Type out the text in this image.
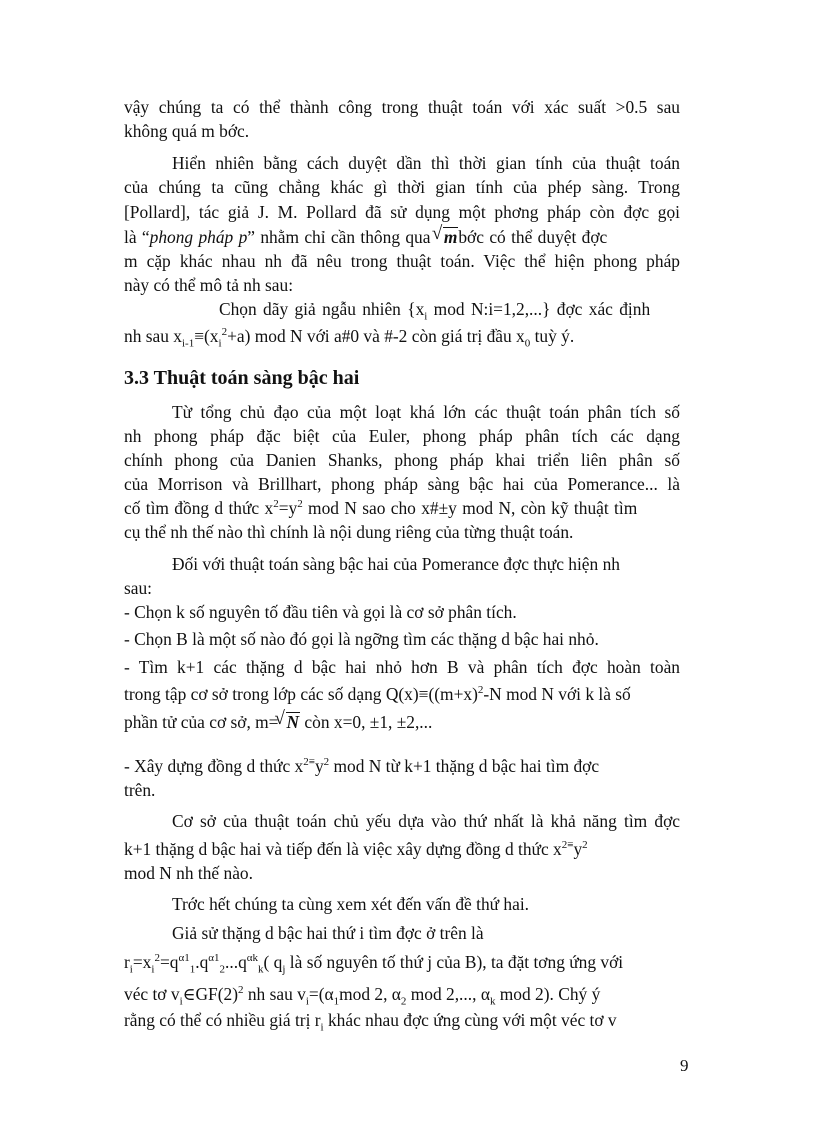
vậy chúng ta có thể thành công trong thuật toán với xác suất >0.5 sau
không quá m bớc.
Hiển nhiên bằng cách duyệt dần thì thời gian tính của thuật toán
của chúng ta cũng chẳng khác gì thời gian tính của phép sàng. Trong
[Pollard], tác giả J. M. Pollard đã sử dụng một phơng pháp còn đợc gọi
là “phong pháp p” nhằm chỉ cần thông qua √ mbớc có thể duyệt đợc
m cặp khác nhau nh đã nêu trong thuật toán. Việc thể hiện phong pháp
này có thể mô tả nh sau:
Chọn dãy giả ngẫu nhiên {$x_i$ mod N:i=1,2,...} đợc xác định
nh sau $x_{i-1}\equiv(x_i^2+a)$ mod N với a#0 và #-2 còn giá trị đầu $x_0$ tuỳ ý.
3.3 Thuật toán sàng bậc hai
Từ tổng chủ đạo của một loạt khá lớn các thuật toán phân tích số
nh phong pháp đặc biệt của Euler, phong pháp phân tích các dạng
chính phong của Danien Shanks, phong pháp khai triển liên phân số
của Morrison và Brillhart, phong pháp sàng bậc hai của Pomerance... là
cố tìm đồng d thức $x^2=y^2$ mod N sao cho x#±y mod N, còn kỹ thuật tìm
cụ thể nh thế nào thì chính là nội dung riêng của từng thuật toán.
Đối với thuật toán sàng bậc hai của Pomerance đợc thực hiện nh
sau:
- Chọn k số nguyên tố đầu tiên và gọi là cơ sở phân tích.
- Chọn B là một số nào đó gọi là ngỡng tìm các thặng d bậc hai nhỏ.
- Tìm k+1 các thặng d bậc hai nhỏ hơn B và phân tích đợc hoàn toàn
trong tập cơ sở trong lớp các số dạng $Q(x)\equiv((m+x)^2-N$ mod N với k là số
phần tử của cơ sở, m=√ N còn x=0, ±1, ±2,...
- Xây dựng đồng d thức $x^{2\equiv}y^2$ mod N từ k+1 thặng d bậc hai tìm đợc
trên.
Cơ sở của thuật toán chủ yếu dựa vào thứ nhất là khả năng tìm đợc
k+1 thặng d bậc hai và tiếp đến là việc xây dựng đồng d thức $x^{2\equiv}y^2$
mod N nh thế nào.
Trớc hết chúng ta cùng xem xét đến vấn đề thứ hai.
Giả sử thặng d bậc hai thứ i tìm đợc ở trên là
$r_i=x_i^2=q^{\alpha 1}_1.q^{\alpha 1}_2...q^{\alpha k}_k$( $q_j$ là số nguyên tố thứ j của B), ta đặt tơng ứng với
véc tơ $v_i\in GF(2)^2$ nh sau $v_i=(\alpha_1mod$ 2, $\alpha_2$ mod 2,..., $\alpha_k$ mod 2). Chý ý
rằng có thể có nhiều giá trị $r_i$ khác nhau đợc ứng cùng với một véc tơ v
9
